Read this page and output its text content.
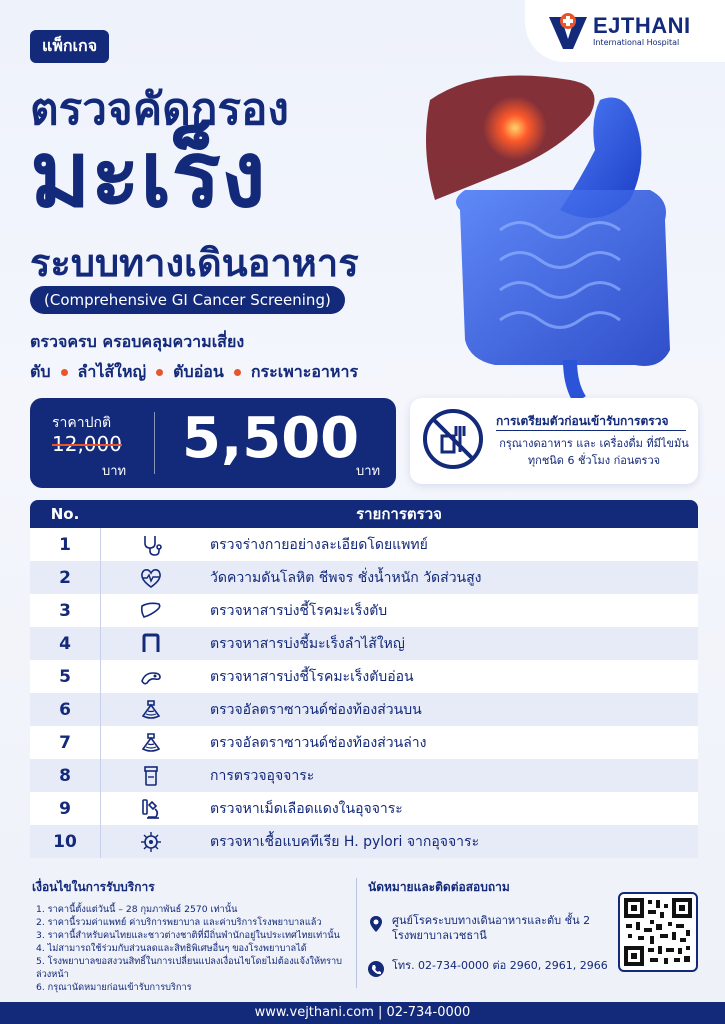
แพ็กเกจ
EJTHANI
International Hospital
ตรวจคัดกรอง
มะเร็ง
ระบบทางเดินอาหาร
(Comprehensive GI Cancer Screening)
ตรวจครบ ครอบคลุมความเสี่ยง
ตับ ลำไส้ใหญ่ ตับอ่อน กระเพาะอาหาร
ราคาปกติ
12,000
บาท
5,500
บาท
การเตรียมตัวก่อนเข้ารับการตรวจ
กรุณางดอาหาร และ เครื่องดื่ม ที่มีไขมัน
ทุกชนิด 6 ชั่วโมง ก่อนตรวจ
No.	รายการตรวจ
1	ตรวจร่างกายอย่างละเอียดโดยแพทย์
2	วัดความดันโลหิต ชีพจร ชั่งน้ำหนัก วัดส่วนสูง
3	ตรวจหาสารบ่งชี้โรคมะเร็งตับ
4	ตรวจหาสารบ่งชี้มะเร็งลำไส้ใหญ่
5	ตรวจหาสารบ่งชี้โรคมะเร็งตับอ่อน
6	ตรวจอัลตราซาวนด์ช่องท้องส่วนบน
7	ตรวจอัลตราซาวนด์ช่องท้องส่วนล่าง
8	การตรวจอุจจาระ
9	ตรวจหาเม็ดเลือดแดงในอุจจาระ
10	ตรวจหาเชื้อแบคทีเรีย H. pylori จากอุจจาระ
เงื่อนไขในการรับบริการ
1. ราคานี้ตั้งแต่วันนี้ – 28 กุมภาพันธ์ 2570 เท่านั้น
2. ราคานี้รวมค่าแพทย์ ค่าบริการพยาบาล และค่าบริการโรงพยาบาลแล้ว
3. ราคานี้สำหรับคนไทยและชาวต่างชาติที่มีถิ่นพำนักอยู่ในประเทศไทยเท่านั้น
4. ไม่สามารถใช้ร่วมกับส่วนลดและสิทธิพิเศษอื่นๆ ของโรงพยาบาลได้
5. โรงพยาบาลขอสงวนสิทธิ์ในการเปลี่ยนแปลงเงื่อนไขโดยไม่ต้องแจ้งให้ทราบล่วงหน้า
6. กรุณานัดหมายก่อนเข้ารับการบริการ
นัดหมายและติดต่อสอบถาม
ศูนย์โรคระบบทางเดินอาหารและตับ ชั้น 2 โรงพยาบาลเวชธานี
โทร. 02-734-0000 ต่อ 2960, 2961, 2966
www.vejthani.com | 02-734-0000
